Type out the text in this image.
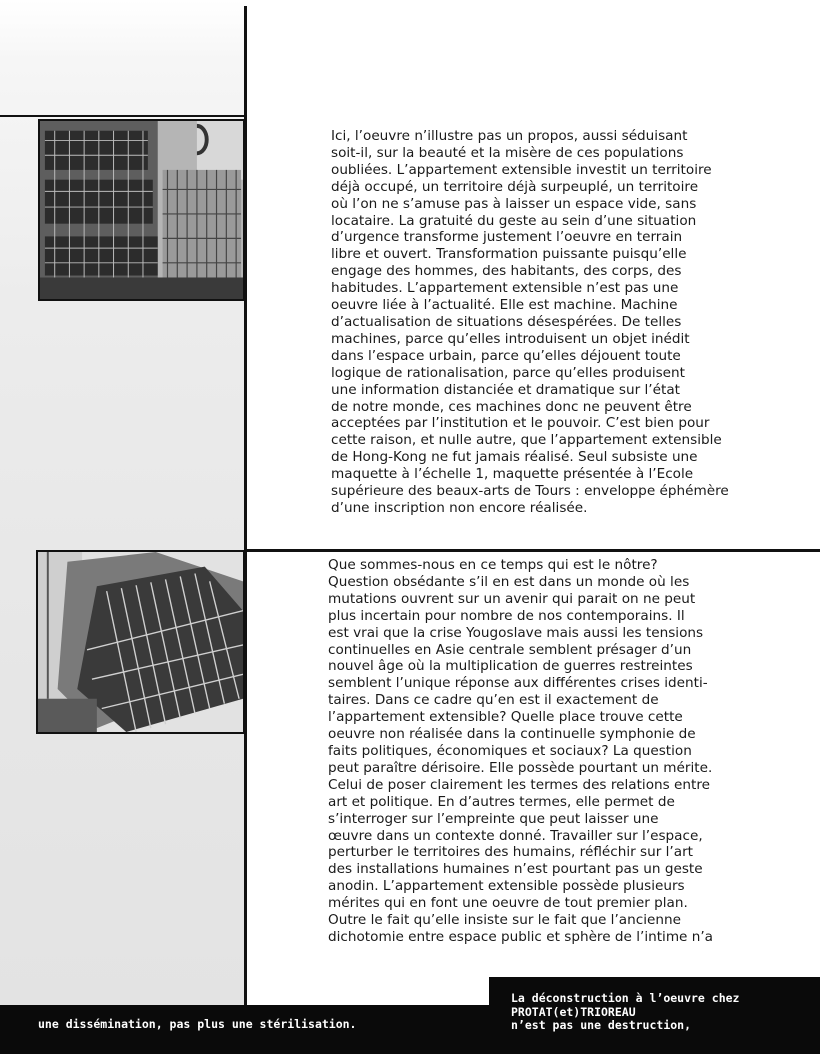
Ici, l’oeuvre n’illustre pas un propos, aussi séduisant
soit-il, sur la beauté et la misère de ces populations
oubliées. L’appartement extensible investit un territoire
déjà occupé, un territoire déjà surpeuplé, un territoire
où l’on ne s’amuse pas à laisser un espace vide, sans
locataire. La gratuité du geste au sein d’une situation
d’urgence transforme justement l’oeuvre en terrain
libre et ouvert. Transformation puissante puisqu’elle
engage des hommes, des habitants, des corps, des
habitudes. L’appartement extensible n’est pas une
oeuvre liée à l’actualité. Elle est machine. Machine
d’actualisation de situations désespérées. De telles
machines, parce qu’elles introduisent un objet inédit
dans l’espace urbain, parce qu’elles déjouent toute
logique de rationalisation, parce qu’elles produisent
une information distanciée et dramatique sur l’état
de notre monde, ces machines donc ne peuvent être
acceptées par l’institution et le pouvoir. C’est bien pour
cette raison, et nulle autre, que l’appartement extensible
de Hong-Kong ne fut jamais réalisé. Seul subsiste une
maquette à l’échelle 1, maquette présentée à l’Ecole
supérieure des beaux-arts de Tours : enveloppe éphémère
d’une inscription non encore réalisée.

Que sommes-nous en ce temps qui est le nôtre?
Question obsédante s’il en est dans un monde où les
mutations ouvrent sur un avenir qui parait on ne peut
plus incertain pour nombre de nos contemporains. Il
est vrai que la crise Yougoslave mais aussi les tensions
continuelles en Asie centrale semblent présager d’un
nouvel âge où la multiplication de guerres restreintes
semblent l’unique réponse aux différentes crises identi-
taires. Dans ce cadre qu’en est il exactement de
l’appartement extensible? Quelle place trouve cette
oeuvre non réalisée dans la continuelle symphonie de
faits politiques, économiques et sociaux? La question
peut paraître dérisoire. Elle possède pourtant un mérite.
Celui de poser clairement les termes des relations entre
art et politique. En d’autres termes, elle permet de
s’interroger sur l’empreinte que peut laisser une
œuvre dans un contexte donné. Travailler sur l’espace,
perturber le territoires des humains, réfléchir sur l’art
des installations humaines n’est pourtant pas un geste
anodin. L’appartement extensible possède plusieurs
mérites qui en font une oeuvre de tout premier plan.
Outre le fait qu’elle insiste sur le fait que l’ancienne
dichotomie entre espace public et sphère de l’intime n’a

La déconstruction à l’oeuvre chez
PROTAT(et)TRIOREAU
n’est pas une destruction,

une dissémination, pas plus une stérilisation.
